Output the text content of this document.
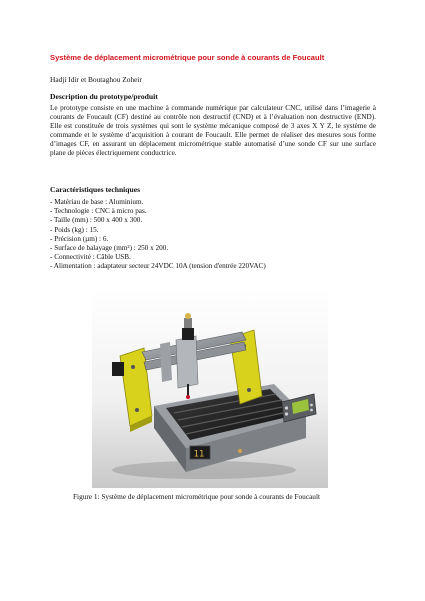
Système de déplacement micrométrique pour sonde à courants de Foucault
Hadji Idir et Boutaghou Zoheir
Description du prototype/produit

Le prototype consiste en une machine à commande numérique par calculateur CNC, utilisé dans l’imagerie à courants de Foucault (CF) destiné au contrôle non destructif (CND) et à l’évaluation non destructive (END). Elle est constituée de trois systèmes qui sont le système mécanique composé de 3 axes X Y Z, le système de commande et le système d’acquisition à courant de Foucault. Elle permet de réaliser des mesures sous forme d’images CF, en assurant un déplacement micrométrique stable automatisé d’une sonde CF sur une surface plane de pièces électriquement conductrice.

Caractéristiques techniques
- Matériau de base : Aluminium.
- Technologie : CNC à micro pas.
- Taille (mm) : 500 x 400 x 300.
- Poids (kg) : 15.
- Précision (µm) : 6.
- Surface de balayage (mm²) : 250 x 200.
- Connectivité : Câble USB.
- Alimentation : adaptateur secteur 24VDC 10A (tension d'entrée 220VAC)
11
Figure 1: Système de déplacement micrométrique pour sonde à courants de Foucault
